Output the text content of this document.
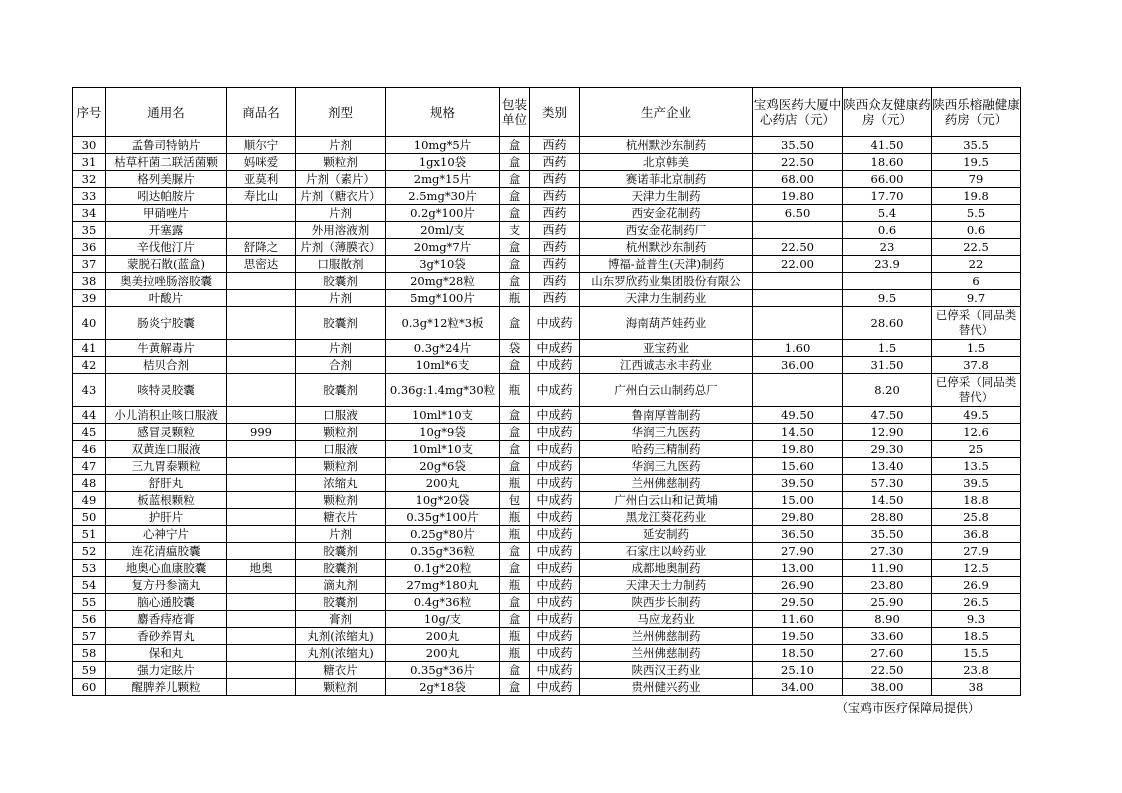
序号	通用名	商品名	剂型	规格	包装单位	类别	生产企业	宝鸡医药大厦中心药店（元）	陕西众友健康药房（元）	陕西乐榕融健康药房（元）
30	孟鲁司特钠片	顺尔宁	片剂	10mg*5片	盒	西药	杭州默沙东制药	35.50	41.50	35.5
31	枯草杆菌二联活菌颗	妈咪爱	颗粒剂	1gx10袋	盒	西药	北京韩美	22.50	18.60	19.5
32	格列美脲片	亚莫利	片剂（素片）	2mg*15片	盒	西药	赛诺菲北京制药	68.00	66.00	79
33	吲达帕胺片	寿比山	片剂（糖衣片）	2.5mg*30片	盒	西药	天津力生制药	19.80	17.70	19.8
34	甲硝唑片		片剂	0.2g*100片	盒	西药	西安金花制药	6.50	5.4	5.5
35	开塞露		外用溶液剂	20ml/支	支	西药	西安金花制药厂		0.6	0.6
36	辛伐他汀片	舒降之	片剂（薄膜衣）	20mg*7片	盒	西药	杭州默沙东制药	22.50	23	22.5
37	蒙脱石散(蓝盒)	思密达	口服散剂	3g*10袋	盒	西药	博福-益普生(天津)制药	22.00	23.9	22
38	奥美拉唑肠溶胶囊		胶囊剂	20mg*28粒	盒	西药	山东罗欣药业集团股份有限公			6
39	叶酸片		片剂	5mg*100片	瓶	西药	天津力生制药业		9.5	9.7
40	肠炎宁胶囊		胶囊剂	0.3g*12粒*3板	盒	中成药	海南葫芦娃药业		28.60	已停采（同品类替代）
41	牛黄解毒片		片剂	0.3g*24片	袋	中成药	亚宝药业	1.60	1.5	1.5
42	桔贝合剂		合剂	10ml*6支	盒	中成药	江西诚志永丰药业	36.00	31.50	37.8
43	咳特灵胶囊		胶囊剂	0.36g:1.4mg*30粒	瓶	中成药	广州白云山制药总厂		8.20	已停采（同品类替代）
44	小儿消积止咳口服液		口服液	10ml*10支	盒	中成药	鲁南厚普制药	49.50	47.50	49.5
45	感冒灵颗粒	999	颗粒剂	10g*9袋	盒	中成药	华润三九医药	14.50	12.90	12.6
46	双黄连口服液		口服液	10ml*10支	盒	中成药	哈药三精制药	19.80	29.30	25
47	三九胃泰颗粒		颗粒剂	20g*6袋	盒	中成药	华润三九医药	15.60	13.40	13.5
48	舒肝丸		浓缩丸	200丸	瓶	中成药	兰州佛慈制药	39.50	57.30	39.5
49	板蓝根颗粒		颗粒剂	10g*20袋	包	中成药	广州白云山和记黄埔	15.00	14.50	18.8
50	护肝片		糖衣片	0.35g*100片	瓶	中成药	黑龙江葵花药业	29.80	28.80	25.8
51	心神宁片		片剂	0.25g*80片	瓶	中成药	延安制药	36.50	35.50	36.8
52	连花清瘟胶囊		胶囊剂	0.35g*36粒	盒	中成药	石家庄以岭药业	27.90	27.30	27.9
53	地奥心血康胶囊	地奥	胶囊剂	0.1g*20粒	盒	中成药	成都地奥制药	13.00	11.90	12.5
54	复方丹参滴丸		滴丸剂	27mg*180丸	瓶	中成药	天津天士力制药	26.90	23.80	26.9
55	脑心通胶囊		胶囊剂	0.4g*36粒	盒	中成药	陕西步长制药	29.50	25.90	26.5
56	麝香痔疮膏		膏剂	10g/支	盒	中成药	马应龙药业	11.60	8.90	9.3
57	香砂养胃丸		丸剂(浓缩丸)	200丸	瓶	中成药	兰州佛慈制药	19.50	33.60	18.5
58	保和丸		丸剂(浓缩丸)	200丸	瓶	中成药	兰州佛慈制药	18.50	27.60	15.5
59	强力定眩片		糖衣片	0.35g*36片	盒	中成药	陕西汉王药业	25.10	22.50	23.8
60	醒脾养儿颗粒		颗粒剂	2g*18袋	盒	中成药	贵州健兴药业	34.00	38.00	38
（宝鸡市医疗保障局提供）
